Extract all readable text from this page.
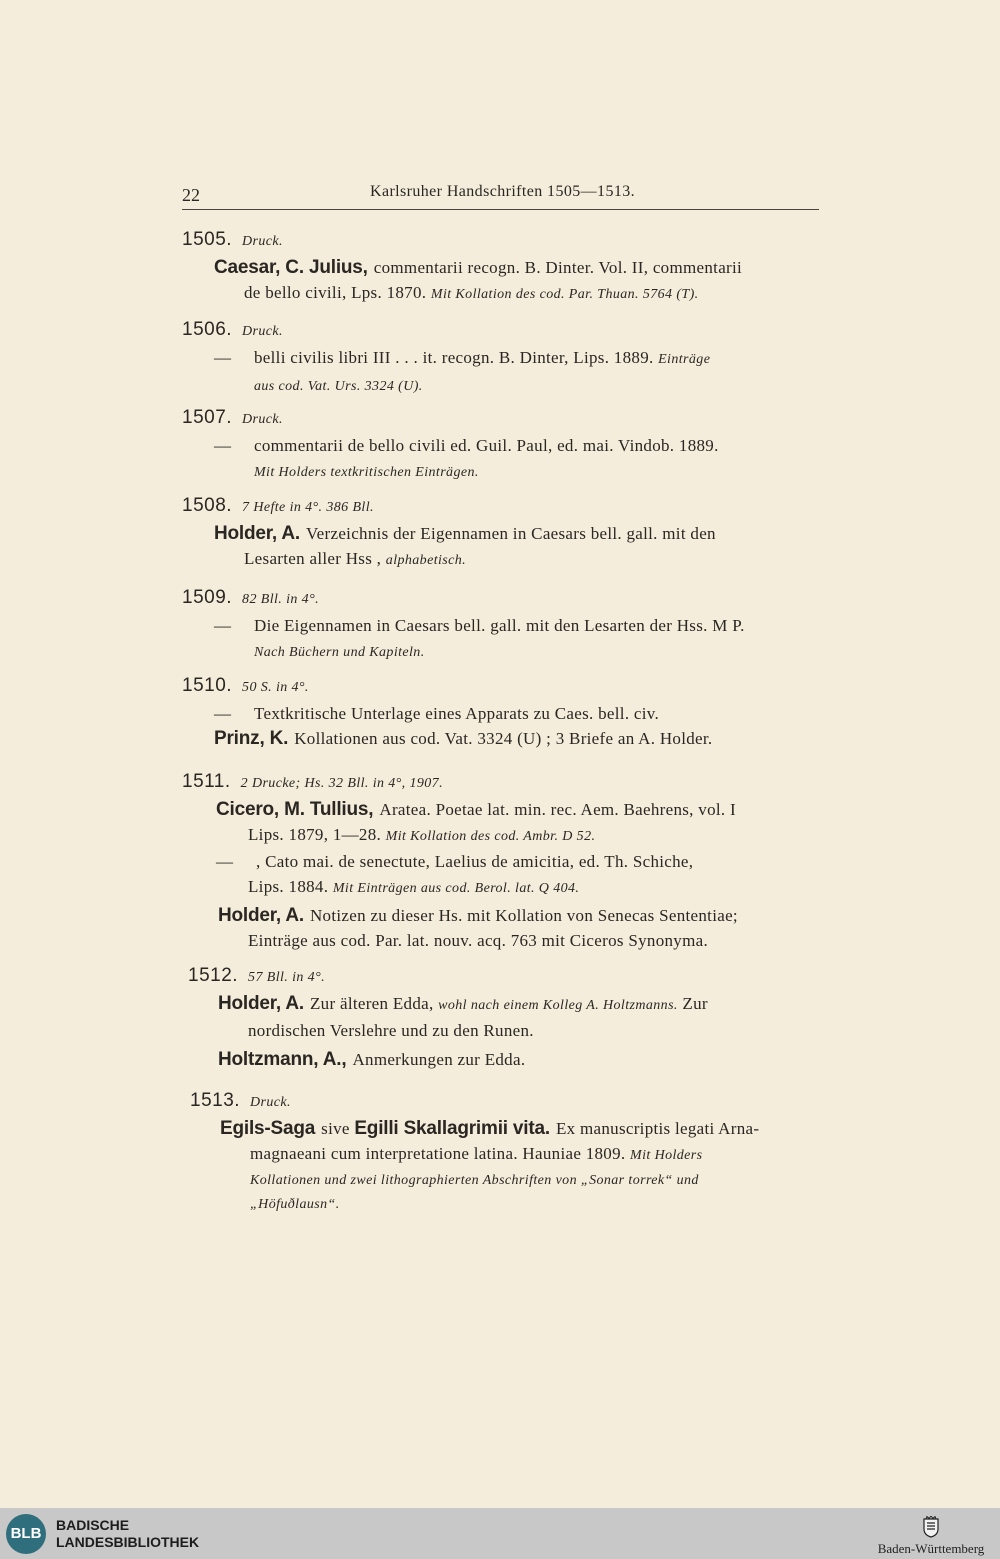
22	Karlsruher Handschriften 1505—1513.
1505. Druck.
Caesar, C. Julius, commentarii recogn. B. Dinter. Vol. II, commentarii
de bello civili, Lps. 1870. Mit Kollation des cod. Par. Thuan. 5764 (T).
1506. Druck.
— belli civilis libri III . . . it. recogn. B. Dinter, Lips. 1889. Einträge
aus cod. Vat. Urs. 3324 (U).
1507. Druck.
— commentarii de bello civili ed. Guil. Paul, ed. mai. Vindob. 1889.
Mit Holders textkritischen Einträgen.
1508. 7 Hefte in 4°. 386 Bll.
Holder, A. Verzeichnis der Eigennamen in Caesars bell. gall. mit den
Lesarten aller Hss , alphabetisch.
1509. 82 Bll. in 4°.
— Die Eigennamen in Caesars bell. gall. mit den Lesarten der Hss. M P.
Nach Büchern und Kapiteln.
1510. 50 S. in 4°.
— Textkritische Unterlage eines Apparats zu Caes. bell. civ.
Prinz, K. Kollationen aus cod. Vat. 3324 (U) ; 3 Briefe an A. Holder.
1511. 2 Drucke; Hs. 32 Bll. in 4°, 1907.
Cicero, M. Tullius, Aratea. Poetae lat. min. rec. Aem. Baehrens, vol. I
Lips. 1879, 1—28. Mit Kollation des cod. Ambr. D 52.
— , Cato mai. de senectute, Laelius de amicitia, ed. Th. Schiche,
Lips. 1884. Mit Einträgen aus cod. Berol. lat. Q 404.
Holder, A. Notizen zu dieser Hs. mit Kollation von Senecas Sententiae;
Einträge aus cod. Par. lat. nouv. acq. 763 mit Ciceros Synonyma.
1512. 57 Bll. in 4°.
Holder, A. Zur älteren Edda, wohl nach einem Kolleg A. Holtzmanns. Zur
nordischen Verslehre und zu den Runen.
Holtzmann, A., Anmerkungen zur Edda.
1513. Druck.
Egils-Saga sive Egilli Skallagrimii vita. Ex manuscriptis legati Arna-
magnaeani cum interpretatione latina. Hauniae 1809. Mit Holders
Kollationen und zwei lithographierten Abschriften von „Sonar torrek“ und
„Höfuðlausn“.
BLB	BADISCHE
LANDESBIBLIOTHEK	Baden-Württemberg
